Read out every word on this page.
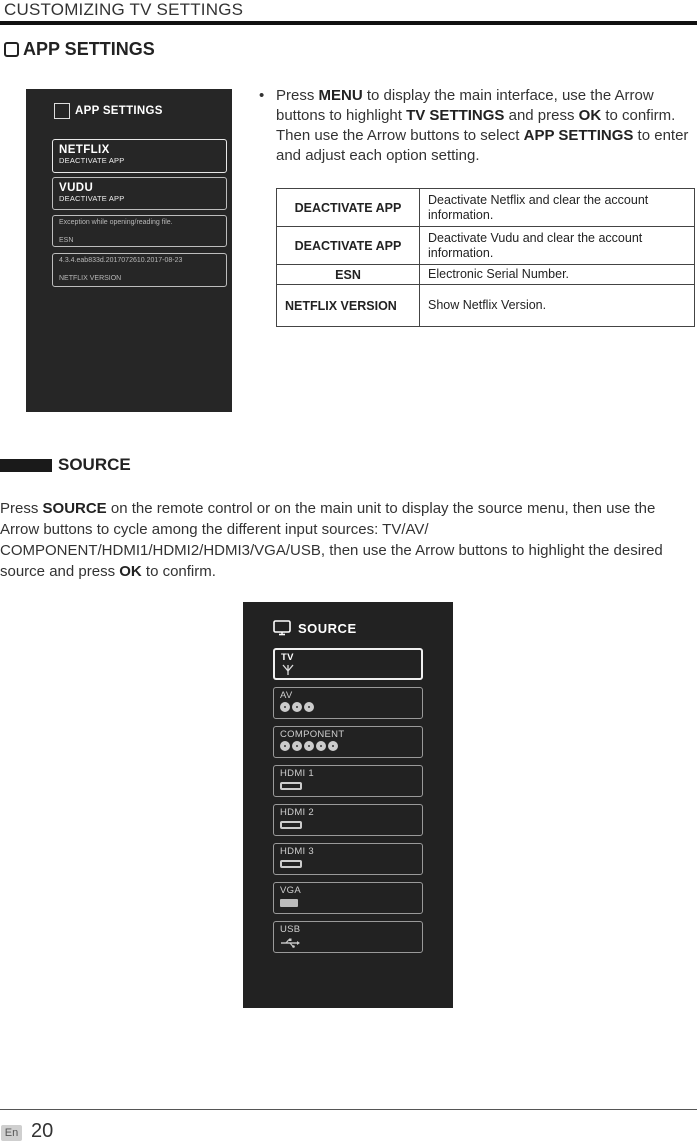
CUSTOMIZING TV SETTINGS
APP SETTINGS
APP SETTINGS
NETFLIX
DEACTIVATE APP
VUDU
DEACTIVATE APP
Exception while opening/reading file.
ESN
4.3.4.eab833d.2017072610.2017-08-23
NETFLIX VERSION
• Press MENU to display the main interface, use the Arrow buttons to highlight TV SETTINGS and press OK to confirm. Then use the Arrow buttons to select APP SETTINGS to enter and adjust each option setting.
DEACTIVATE APP	Deactivate Netflix and clear the account information.
DEACTIVATE APP	Deactivate Vudu and clear the account information.
ESN	Electronic Serial Number.
NETFLIX VERSION	Show Netflix Version.
SOURCE
Press SOURCE on the remote control or on the main unit to display the source menu, then use the Arrow buttons to cycle among the different input sources: TV/AV/ COMPONENT/HDMI1/HDMI2/HDMI3/VGA/USB, then use the Arrow buttons to highlight the desired source and press OK to confirm.
SOURCE
TV
AV
COMPONENT
HDMI 1
HDMI 2
HDMI 3
VGA
USB
En 20
